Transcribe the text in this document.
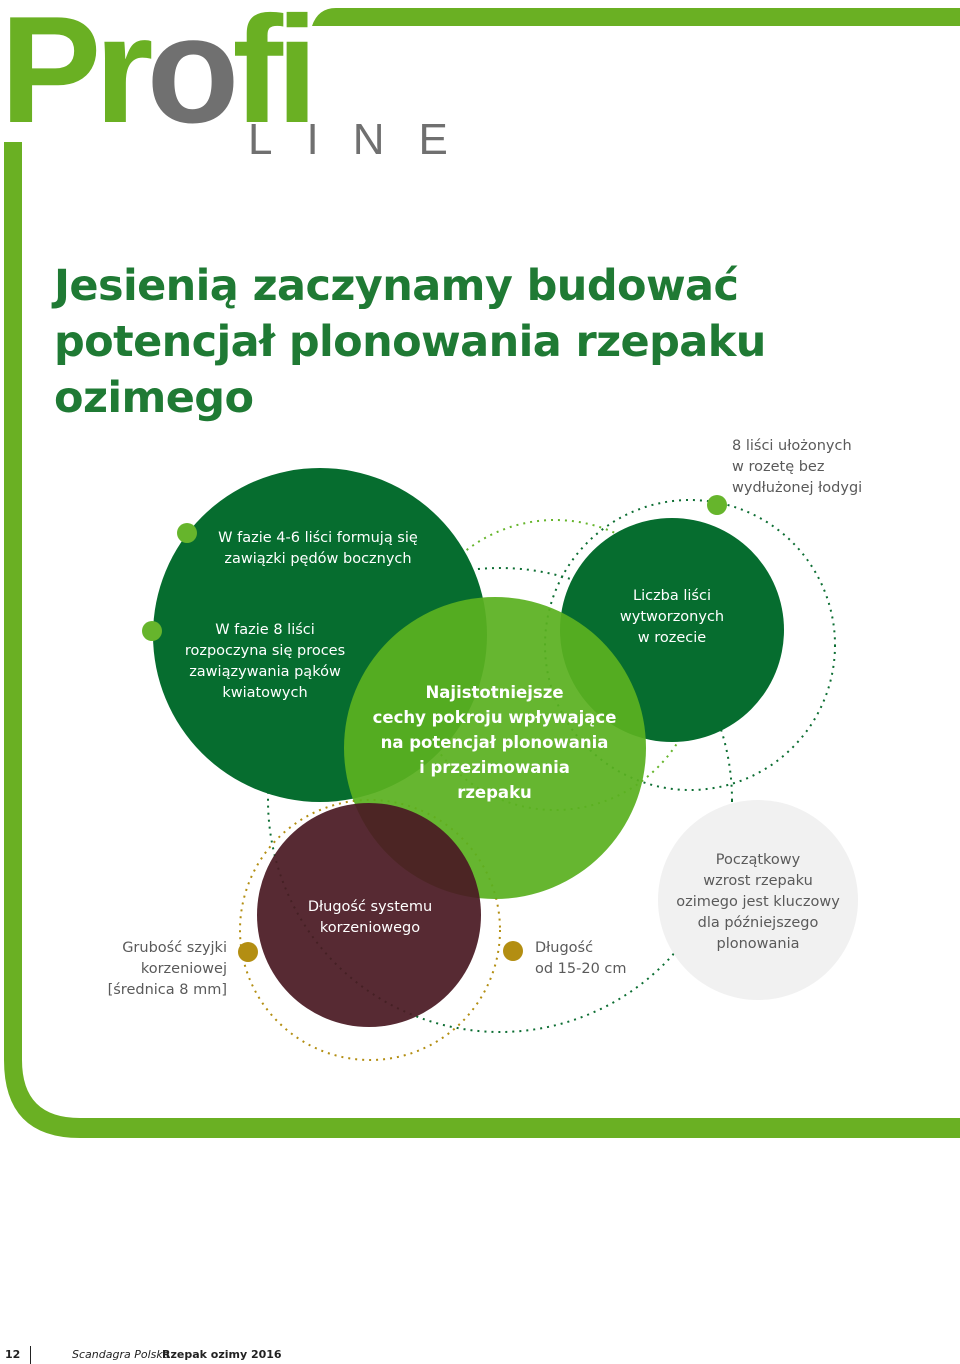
Profi
LINE
Jesienią zaczynamy budować potencjał plonowania rzepaku ozimego
8 liści ułożonych
w rozetę bez
wydłużonej łodygi
W fazie 4-6 liści formują się
zawiązki pędów bocznych
W fazie 8 liści
rozpoczyna się proces
zawiązywania pąków
kwiatowych
Liczba liści
wytworzonych
w rozecie
Najistotniejsze
cechy pokroju wpływające
na potencjał plonowania
i przezimowania
rzepaku
Długość systemu
korzeniowego
Grubość szyjki
korzeniowej
[średnica 8 mm]
Długość
od 15-20 cm
Początkowy
wzrost rzepaku
ozimego jest kluczowy
dla późniejszego
plonowania
12	Scandagra Polska
Rzepak ozimy 2016
